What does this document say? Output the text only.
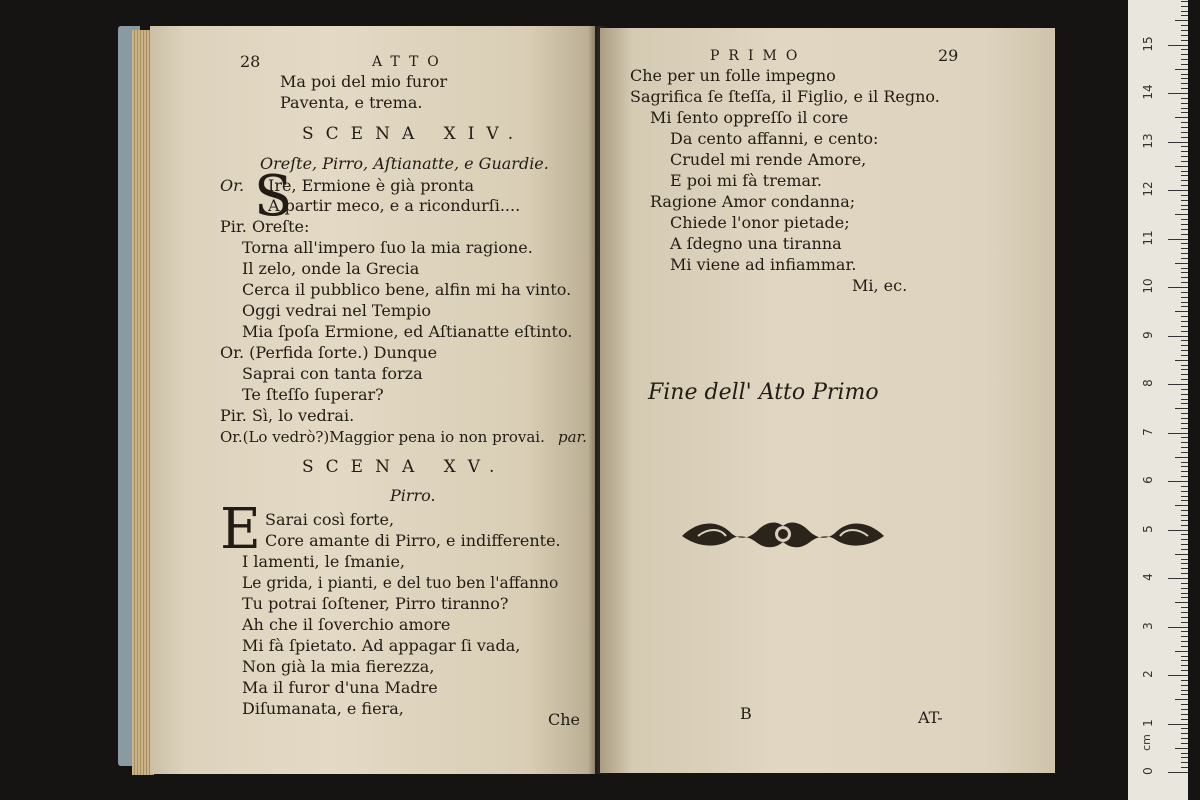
28	ATTO
Ma poi del mio furor
Paventa, e trema.
SCENA XIV.
Oreſte, Pirro, Aſtianatte, e Guardie.
Or. S
Ire, Ermione è già pronta
A partir meco, e a ricondurſi....
Pir. Oreſte:
Torna all'impero ſuo la mia ragione.
Il zelo, onde la Grecia
Cerca il pubblico bene, alfin mi ha vinto.
Oggi vedrai nel Tempio
Mia ſpoſa Ermione, ed Aſtianatte eſtinto.
Or. (Perfida ſorte.) Dunque
Saprai con tanta forza
Te ſteſſo ſuperar?
Pir. Sì, lo vedrai.
Or.(Lo vedrò?)Maggior pena io non provai. par.
SCENA XV.
Pirro.
E Sarai così forte,
Core amante di Pirro, e indifferente.
I lamenti, le ſmanie,
Le grida, i pianti, e del tuo ben l'affanno
Tu potrai ſoſtener, Pirro tiranno?
Ah che il ſoverchio amore
Mi fà ſpietato. Ad appagar ſi vada,
Non già la mia fierezza,
Ma il furor d'una Madre
Diſumanata, e fiera,
Che
PRIMO	29
Che per un folle impegno
Sagrifica ſe ſteſſa, il Figlio, e il Regno.
Mi ſento oppreſſo il core
Da cento affanni, e cento:
Crudel mi rende Amore,
E poi mi fà tremar.
Ragione Amor condanna;
Chiede l'onor pietade;
A ſdegno una tiranna
Mi viene ad infiammar.
Mi, ec.
Fine dell' Atto Primo
B	AT-
0
1
2
3
4
5
6
7
8
9
10
11
12
13
14
15
cm
